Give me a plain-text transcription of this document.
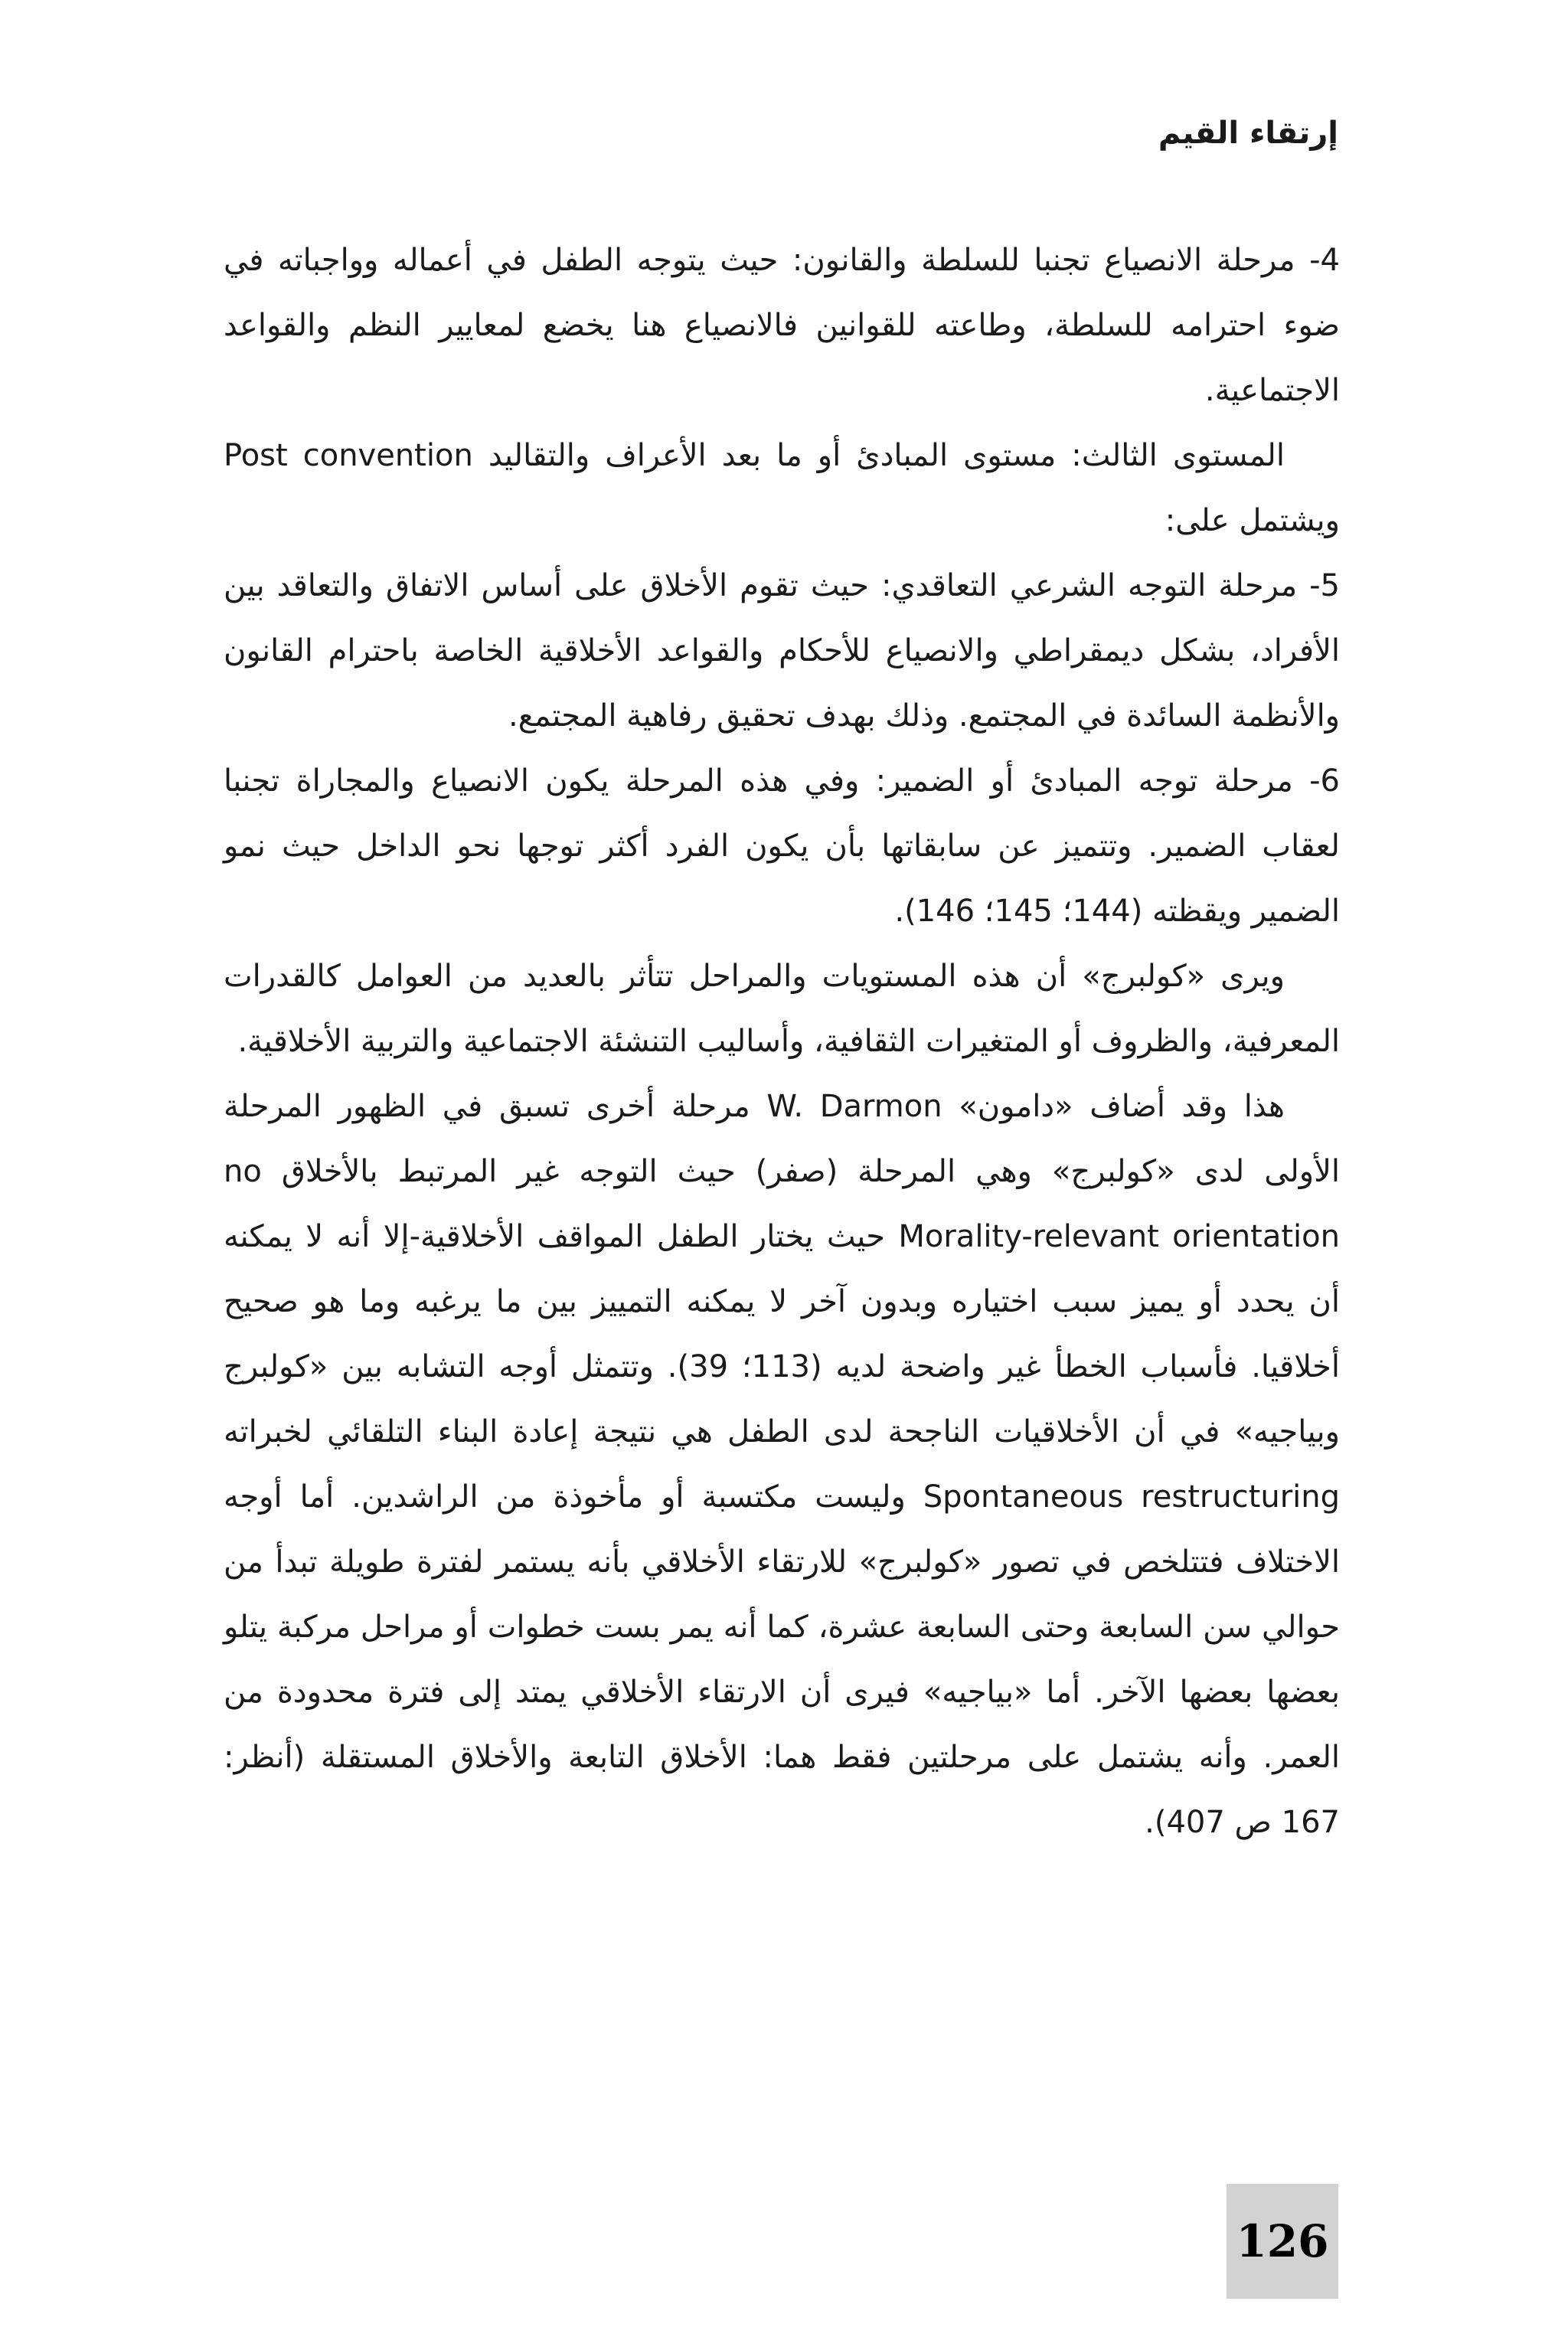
إرتقاء القيم

4- مرحلة الانصياع تجنبا للسلطة والقانون: حيث يتوجه الطفل في أعماله وواجباته في ضوء احترامه للسلطة، وطاعته للقوانين فالانصياع هنا يخضع لمعايير النظم والقواعد الاجتماعية.

المستوى الثالث: مستوى المبادئ أو ما بعد الأعراف والتقاليد Post convention ويشتمل على:

5- مرحلة التوجه الشرعي التعاقدي: حيث تقوم الأخلاق على أساس الاتفاق والتعاقد بين الأفراد، بشكل ديمقراطي والانصياع للأحكام والقواعد الأخلاقية الخاصة باحترام القانون والأنظمة السائدة في المجتمع. وذلك بهدف تحقيق رفاهية المجتمع.

6- مرحلة توجه المبادئ أو الضمير: وفي هذه المرحلة يكون الانصياع والمجاراة تجنبا لعقاب الضمير. وتتميز عن سابقاتها بأن يكون الفرد أكثر توجها نحو الداخل حيث نمو الضمير ويقظته (144؛ 145؛ 146).

ويرى «كولبرج» أن هذه المستويات والمراحل تتأثر بالعديد من العوامل كالقدرات المعرفية، والظروف أو المتغيرات الثقافية، وأساليب التنشئة الاجتماعية والتربية الأخلاقية.

هذا وقد أضاف «دامون» W. Darmon مرحلة أخرى تسبق في الظهور المرحلة الأولى لدى «كولبرج» وهي المرحلة (صفر) حيث التوجه غير المرتبط بالأخلاق no Morality-relevant orientation حيث يختار الطفل المواقف الأخلاقية-إلا أنه لا يمكنه أن يحدد أو يميز سبب اختياره وبدون آخر لا يمكنه التمييز بين ما يرغبه وما هو صحيح أخلاقيا. فأسباب الخطأ غير واضحة لديه (113؛ 39). وتتمثل أوجه التشابه بين «كولبرج وبياجيه» في أن الأخلاقيات الناجحة لدى الطفل هي نتيجة إعادة البناء التلقائي لخبراته Spontaneous restructuring وليست مكتسبة أو مأخوذة من الراشدين. أما أوجه الاختلاف فتتلخص في تصور «كولبرج» للارتقاء الأخلاقي بأنه يستمر لفترة طويلة تبدأ من حوالي سن السابعة وحتى السابعة عشرة، كما أنه يمر بست خطوات أو مراحل مركبة يتلو بعضها بعضها الآخر. أما «بياجيه» فيرى أن الارتقاء الأخلاقي يمتد إلى فترة محدودة من العمر. وأنه يشتمل على مرحلتين فقط هما: الأخلاق التابعة والأخلاق المستقلة (أنظر: 167 ص 407).

126
